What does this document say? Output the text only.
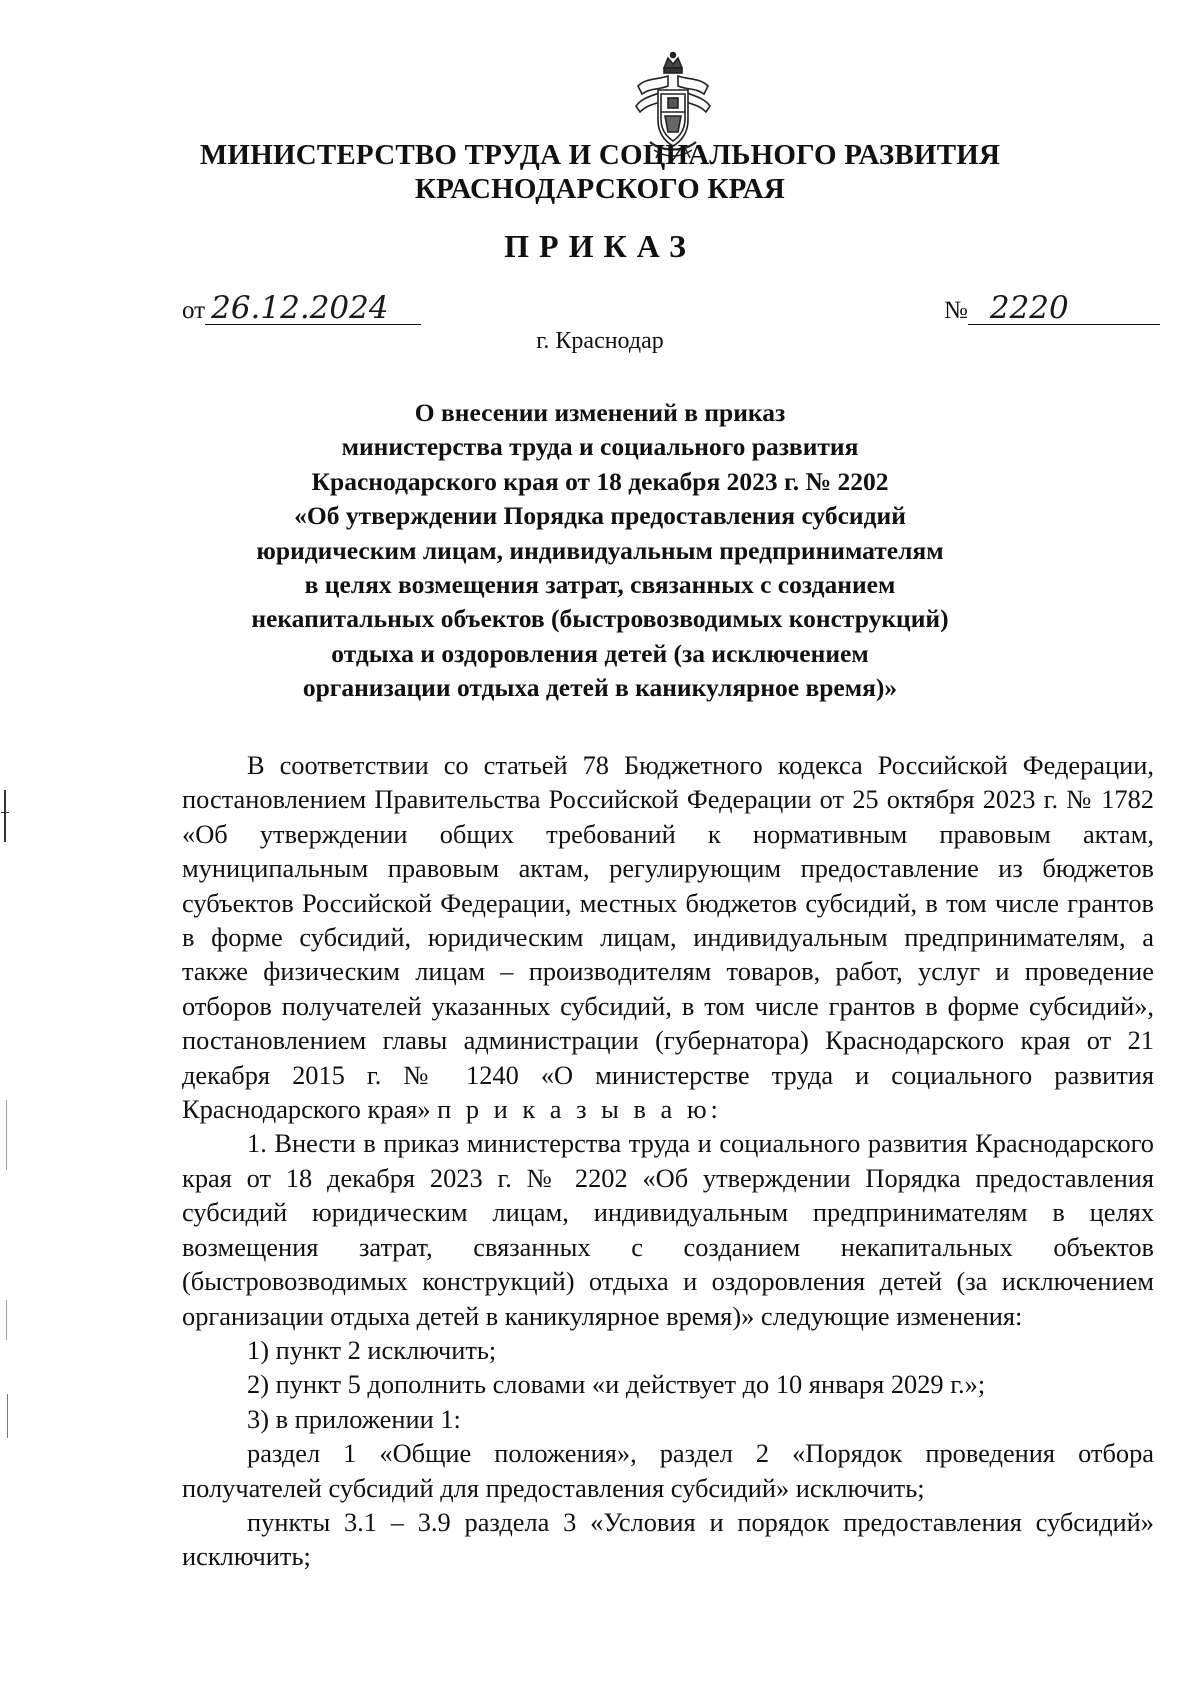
МИНИСТЕРСТВО ТРУДА И СОЦИАЛЬНОГО РАЗВИТИЯ
КРАСНОДАРСКОГО КРАЯ
ПРИКАЗ
от 26.12.2024	№ 2220
г. Краснодар
О внесении изменений в приказ
министерства труда и социального развития
Краснодарского края от 18 декабря 2023 г. № 2202
«Об утверждении Порядка предоставления субсидий
юридическим лицам, индивидуальным предпринимателям
в целях возмещения затрат, связанных с созданием
некапитальных объектов (быстровозводимых конструкций)
отдыха и оздоровления детей (за исключением
организации отдыха детей в каникулярное время)»

В соответствии со статьей 78 Бюджетного кодекса Российской Федерации, постановлением Правительства Российской Федерации от 25 октября 2023 г. № 1782 «Об утверждении общих требований к нормативным правовым актам, муниципальным правовым актам, регулирующим предоставление из бюджетов субъектов Российской Федерации, местных бюджетов субсидий, в том числе грантов в форме субсидий, юридическим лицам, индивидуальным предпринимателям, а также физическим лицам – производителям товаров, работ, услуг и проведение отборов получателей указанных субсидий, в том числе грантов в форме субсидий», постановлением главы администрации (губернатора) Краснодарского края от 21 декабря 2015 г. № 1240 «О министерстве труда и социального развития Краснодарского края» п р и к а з ы в а ю:

1. Внести в приказ министерства труда и социального развития Краснодарского края от 18 декабря 2023 г. № 2202 «Об утверждении Порядка предоставления субсидий юридическим лицам, индивидуальным предпринимателям в целях возмещения затрат, связанных с созданием некапитальных объектов (быстровозводимых конструкций) отдыха и оздоровления детей (за исключением организации отдыха детей в каникулярное время)» следующие изменения:

1) пункт 2 исключить;

2) пункт 5 дополнить словами «и действует до 10 января 2029 г.»;

3) в приложении 1:

раздел 1 «Общие положения», раздел 2 «Порядок проведения отбора получателей субсидий для предоставления субсидий» исключить;

пункты 3.1 – 3.9 раздела 3 «Условия и порядок предоставления субсидий» исключить;
